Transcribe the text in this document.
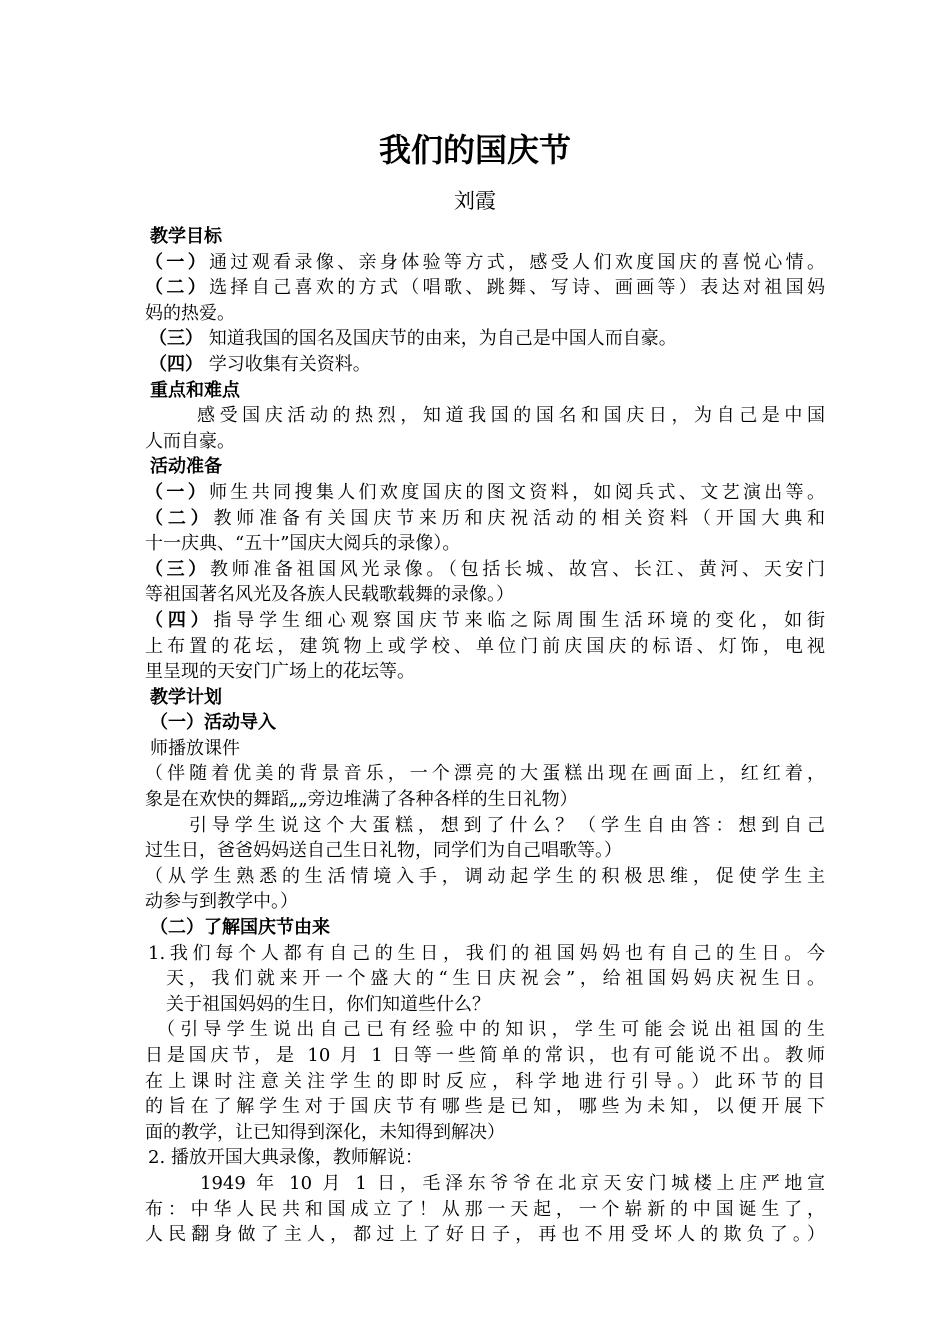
我们的国庆节
刘霞
教学目标
（一）通过观看录像、亲身体验等方式，感受人们欢度国庆的喜悦心情。
（二）选择自己喜欢的方式（唱歌、跳舞、写诗、画画等）表达对祖国妈
妈的热爱。
（三） 知道我国的国名及国庆节的由来，为自己是中国人而自豪。
（四） 学习收集有关资料。
重点和难点
感受国庆活动的热烈，知道我国的国名和国庆日，为自己是中国
人而自豪。
活动准备
（一）师生共同搜集人们欢度国庆的图文资料，如阅兵式、文艺演出等。
（二）教师准备有关国庆节来历和庆祝活动的相关资料（开国大典和
十一庆典、“五十”国庆大阅兵的录像）。
（三）教师准备祖国风光录像。（包括长城、故宫、长江、黄河、天安门
等祖国著名风光及各族人民载歌载舞的录像。）
（四）指导学生细心观察国庆节来临之际周围生活环境的变化，如街
上布置的花坛，建筑物上或学校、单位门前庆国庆的标语、灯饰，电视
里呈现的天安门广场上的花坛等。
教学计划
（一）活动导入
师播放课件
（伴随着优美的背景音乐，一个漂亮的大蛋糕出现在画面上，红红着，
象是在欢快的舞蹈„„旁边堆满了各种各样的生日礼物）
引导学生说这个大蛋糕，想到了什么？（学生自由答：想到自己
过生日，爸爸妈妈送自己生日礼物，同学们为自己唱歌等。）
（从学生熟悉的生活情境入手，调动起学生的积极思维，促使学生主
动参与到教学中。）
（二）了解国庆节由来
1.我们每个人都有自己的生日，我们的祖国妈妈也有自己的生日。今
天，我们就来开一个盛大的“生日庆祝会”，给祖国妈妈庆祝生日。
关于祖国妈妈的生日，你们知道些什么？
（引导学生说出自己已有经验中的知识，学生可能会说出祖国的生
日是国庆节，是 10 月 1 日等一些简单的常识，也有可能说不出。教师
在上课时注意关注学生的即时反应，科学地进行引导。）此环节的目
的旨在了解学生对于国庆节有哪些是已知，哪些为未知，以便开展下
面的教学，让已知得到深化，未知得到解决）
2. 播放开国大典录像，教师解说：
1949 年 10 月 1 日，毛泽东爷爷在北京天安门城楼上庄严地宣
布：中华人民共和国成立了！从那一天起，一个崭新的中国诞生了，
人民翻身做了主人，都过上了好日子，再也不用受坏人的欺负了。）
